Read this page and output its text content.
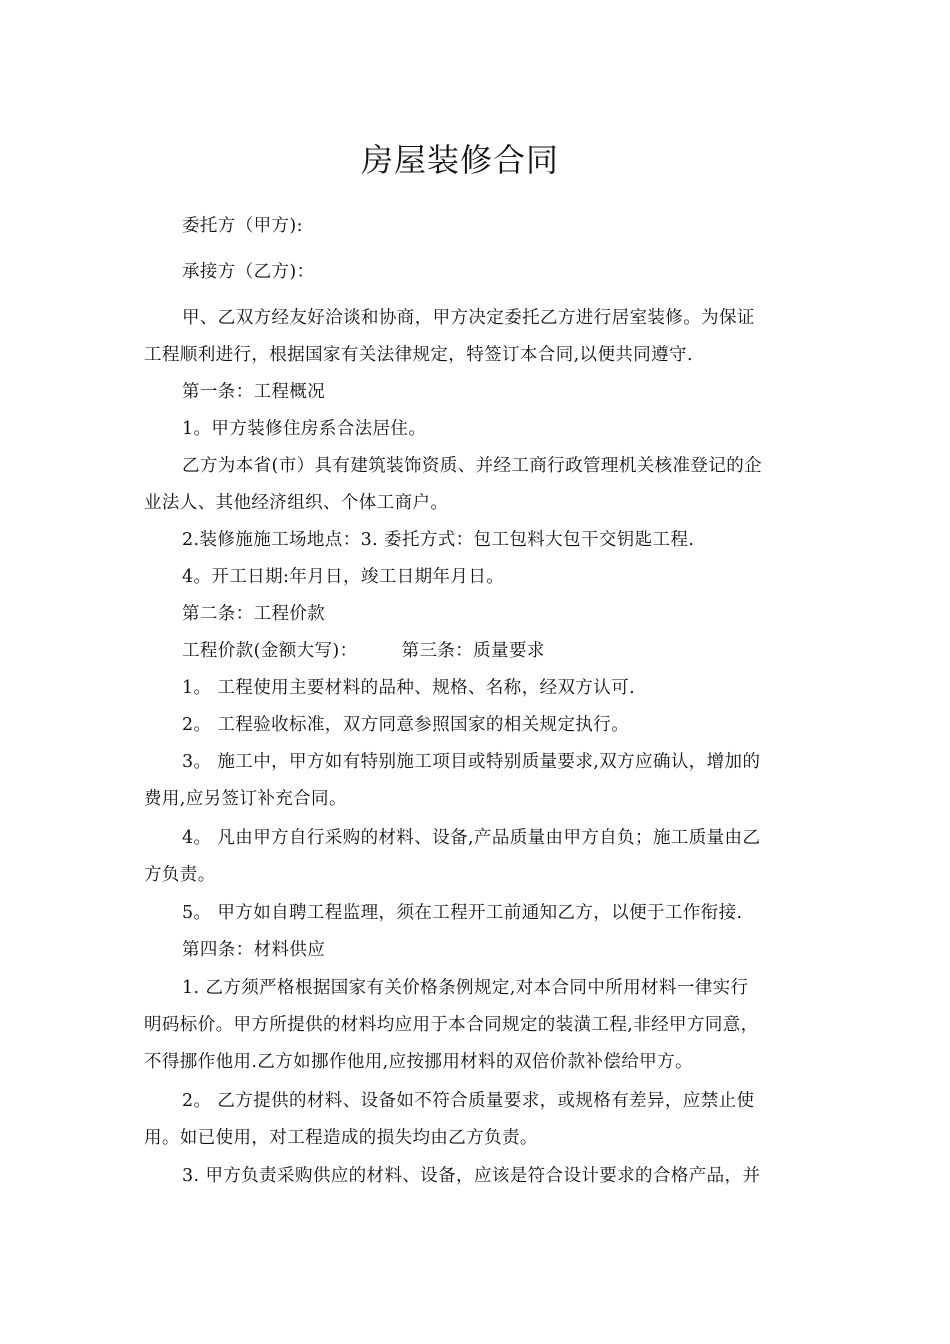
房屋装修合同
委托方（甲方):
承接方（乙方)：
甲、乙双方经友好洽谈和协商，甲方决定委托乙方进行居室装修。为保证
工程顺利进行，根据国家有关法律规定，特签订本合同,以便共同遵守.
第一条：工程概况
1。甲方装修住房系合法居住。
乙方为本省(市）具有建筑装饰资质、并经工商行政管理机关核准登记的企
业法人、其他经济组织、个体工商户。
2.装修施施工场地点：3. 委托方式：包工包料大包干交钥匙工程.
4。开工日期:年月日，竣工日期年月日。
第二条：工程价款
工程价款(金额大写)：	第三条：质量要求
1。 工程使用主要材料的品种、规格、名称，经双方认可.
2。 工程验收标准，双方同意参照国家的相关规定执行。
3。 施工中，甲方如有特别施工项目或特别质量要求,双方应确认，增加的
费用,应另签订补充合同。
4。 凡由甲方自行采购的材料、设备,产品质量由甲方自负；施工质量由乙
方负责。
5。 甲方如自聘工程监理，须在工程开工前通知乙方，以便于工作衔接.
第四条：材料供应
1. 乙方须严格根据国家有关价格条例规定,对本合同中所用材料一律实行
明码标价。甲方所提供的材料均应用于本合同规定的装潢工程,非经甲方同意，
不得挪作他用.乙方如挪作他用,应按挪用材料的双倍价款补偿给甲方。
2。 乙方提供的材料、设备如不符合质量要求，或规格有差异，应禁止使
用。如已使用，对工程造成的损失均由乙方负责。
3. 甲方负责采购供应的材料、设备，应该是符合设计要求的合格产品，并
